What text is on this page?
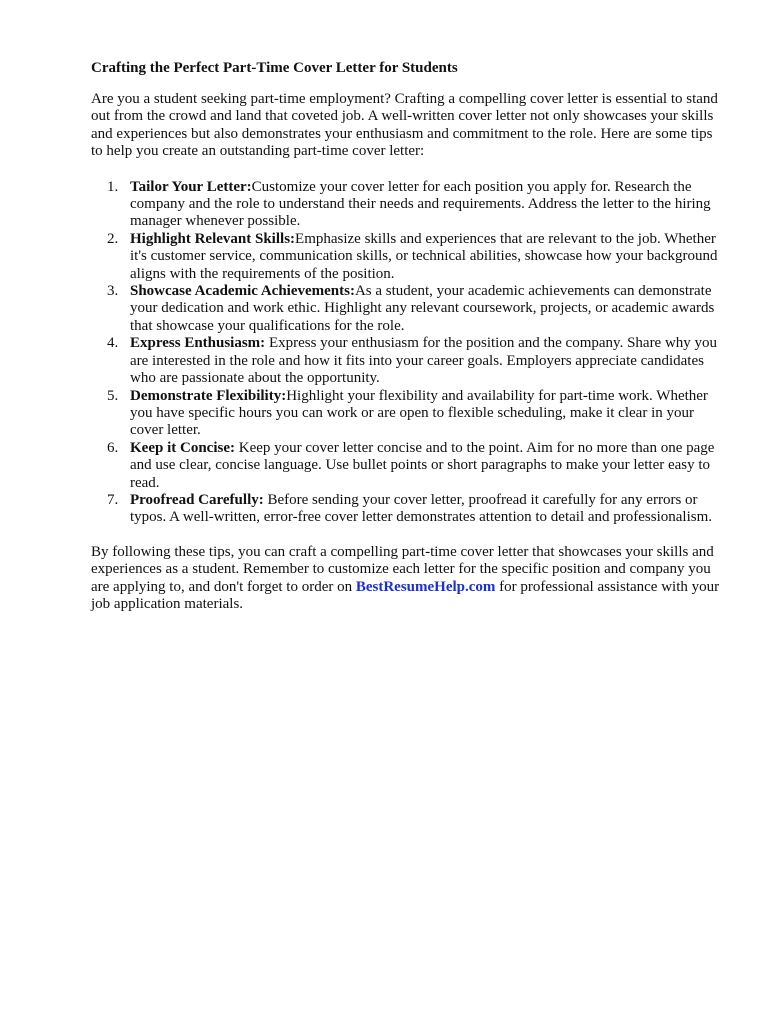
Crafting the Perfect Part-Time Cover Letter for Students

Are you a student seeking part-time employment? Crafting a compelling cover letter is essential to stand out from the crowd and land that coveted job. A well-written cover letter not only showcases your skills and experiences but also demonstrates your enthusiasm and commitment to the role. Here are some tips to help you create an outstanding part-time cover letter:

1. Tailor Your Letter:Customize your cover letter for each position you apply for. Research the company and the role to understand their needs and requirements. Address the letter to the hiring manager whenever possible.
2. Highlight Relevant Skills:Emphasize skills and experiences that are relevant to the job. Whether it's customer service, communication skills, or technical abilities, showcase how your background aligns with the requirements of the position.
3. Showcase Academic Achievements:As a student, your academic achievements can demonstrate your dedication and work ethic. Highlight any relevant coursework, projects, or academic awards that showcase your qualifications for the role.
4. Express Enthusiasm: Express your enthusiasm for the position and the company. Share why you are interested in the role and how it fits into your career goals. Employers appreciate candidates who are passionate about the opportunity.
5. Demonstrate Flexibility:Highlight your flexibility and availability for part-time work. Whether you have specific hours you can work or are open to flexible scheduling, make it clear in your cover letter.
6. Keep it Concise: Keep your cover letter concise and to the point. Aim for no more than one page and use clear, concise language. Use bullet points or short paragraphs to make your letter easy to read.
7. Proofread Carefully: Before sending your cover letter, proofread it carefully for any errors or typos. A well-written, error-free cover letter demonstrates attention to detail and professionalism.

By following these tips, you can craft a compelling part-time cover letter that showcases your skills and experiences as a student. Remember to customize each letter for the specific position and company you are applying to, and don't forget to order on BestResumeHelp.com for professional assistance with your job application materials.
